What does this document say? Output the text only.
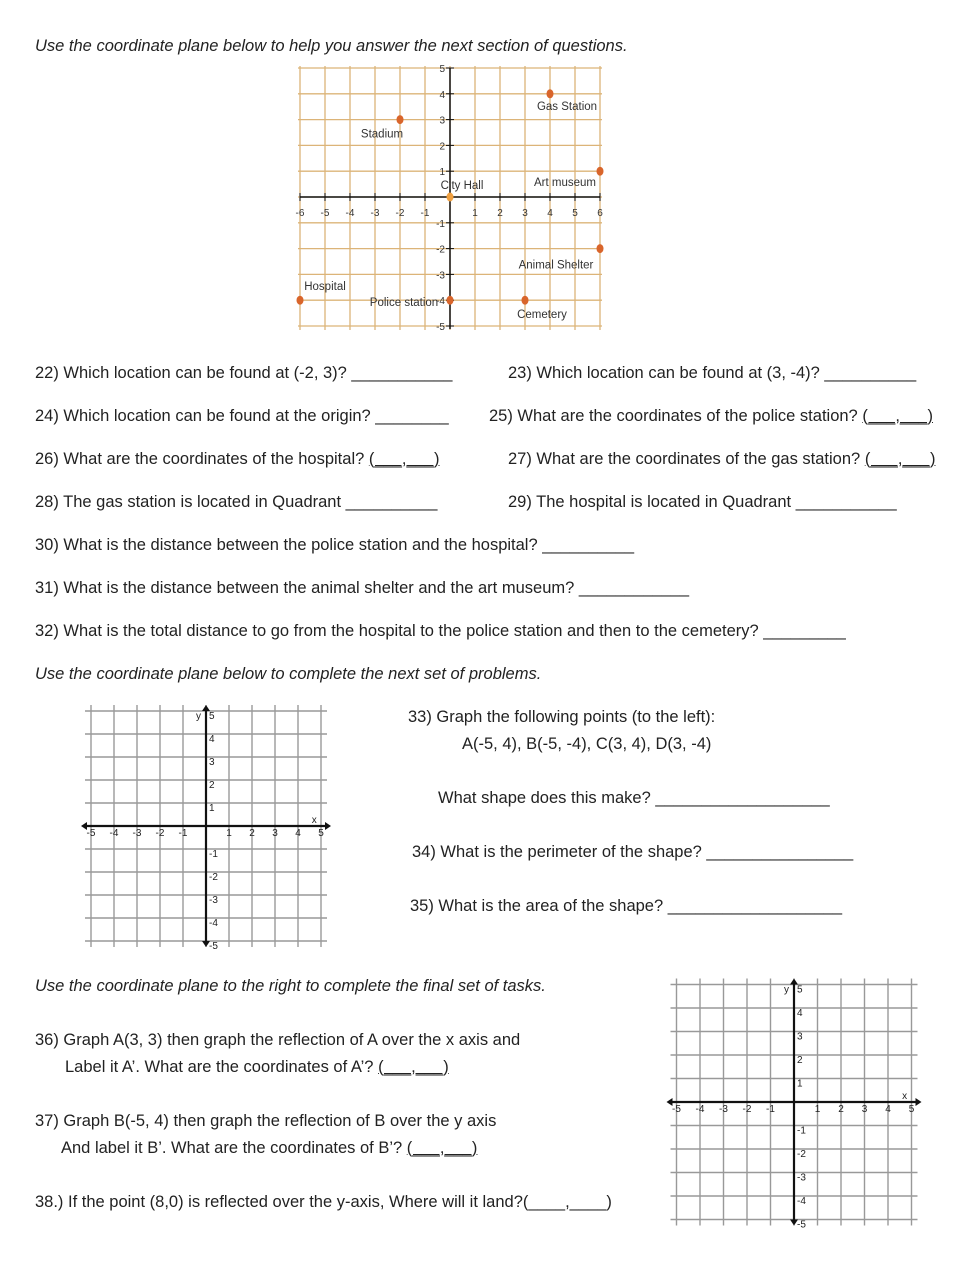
Use the coordinate plane below to help you answer the next section of questions.
-6 -5 -4 -3 -2 -1	1 2 3 4 5 6
-5
-4
-3
-2
-1
1
2
3
4
5
Gas Station
Stadium
Art museum
City Hall
Animal Shelter
Hospital
Police station
Cemetery
22) Which location can be found at (-2, 3)? ___________	23) Which location can be found at (3, -4)? __________
24) Which location can be found at the origin? ________ 25) What are the coordinates of the police station? (___,___)
26) What are the coordinates of the hospital? (___,___)	27) What are the coordinates of the gas station? (___,___)
28) The gas station is located in Quadrant __________	29) The hospital is located in Quadrant ___________
30) What is the distance between the police station and the hospital? __________
31) What is the distance between the animal shelter and the art museum? ____________
32) What is the total distance to go from the hospital to the police station and then to the cemetery? _________
Use the coordinate plane below to complete the next set of problems.
-5 -4 -3 -2 -1	1 2 3 4 5
-5
-4
-3
-2
-1
1
2
3
4
5
x
y	33) Graph the following points (to the left):
A(-5, 4), B(-5, -4), C(3, 4), D(3, -4)
What shape does this make? ___________________
34) What is the perimeter of the shape? ________________
35) What is the area of the shape? ___________________
Use the coordinate plane to the right to complete the final set of tasks.
36) Graph A(3, 3) then graph the reflection of A over the x axis and
Label it A’. What are the coordinates of A’? (___,___)
37) Graph B(-5, 4) then graph the reflection of B over the y axis
And label it B’. What are the coordinates of B’? (___,___)
38.) If the point (8,0) is reflected over the y-axis, Where will it land?(____,____)
-5 -4 -3 -2 -1	1 2 3 4 5
-5
-4
-3
-2
-1
1
2
3
4
5
x
y
